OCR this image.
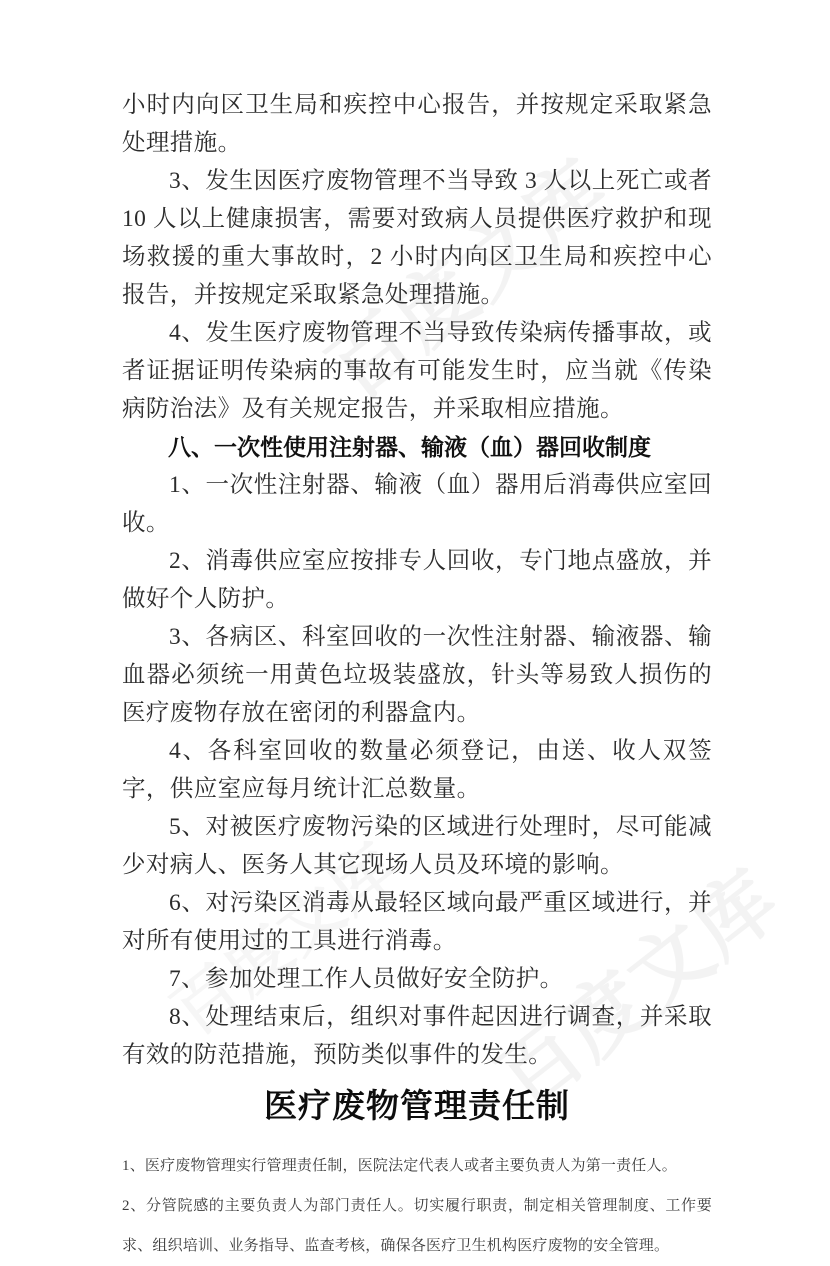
小时内向区卫生局和疾控中心报告，并按规定采取紧急处理措施。

3、发生因医疗废物管理不当导致 3 人以上死亡或者 10 人以上健康损害，需要对致病人员提供医疗救护和现场救援的重大事故时，2 小时内向区卫生局和疾控中心报告，并按规定采取紧急处理措施。

4、发生医疗废物管理不当导致传染病传播事故，或者证据证明传染病的事故有可能发生时，应当就《传染病防治法》及有关规定报告，并采取相应措施。

八、一次性使用注射器、输液（血）器回收制度

1、一次性注射器、输液（血）器用后消毒供应室回收。

2、消毒供应室应按排专人回收，专门地点盛放，并做好个人防护。

3、各病区、科室回收的一次性注射器、输液器、输血器必须统一用黄色垃圾装盛放，针头等易致人损伤的医疗废物存放在密闭的利器盒内。

4、各科室回收的数量必须登记，由送、收人双签字，供应室应每月统计汇总数量。

5、对被医疗废物污染的区域进行处理时，尽可能减少对病人、医务人其它现场人员及环境的影响。

6、对污染区消毒从最轻区域向最严重区域进行，并对所有使用过的工具进行消毒。

7、参加处理工作人员做好安全防护。

8、处理结束后，组织对事件起因进行调查，并采取有效的防范措施，预防类似事件的发生。

医疗废物管理责任制

1、医疗废物管理实行管理责任制，医院法定代表人或者主要负责人为第一责任人。

2、分管院感的主要负责人为部门责任人。切实履行职责，制定相关管理制度、工作要求、组织培训、业务指导、监查考核，确保各医疗卫生机构医疗废物的安全管理。
